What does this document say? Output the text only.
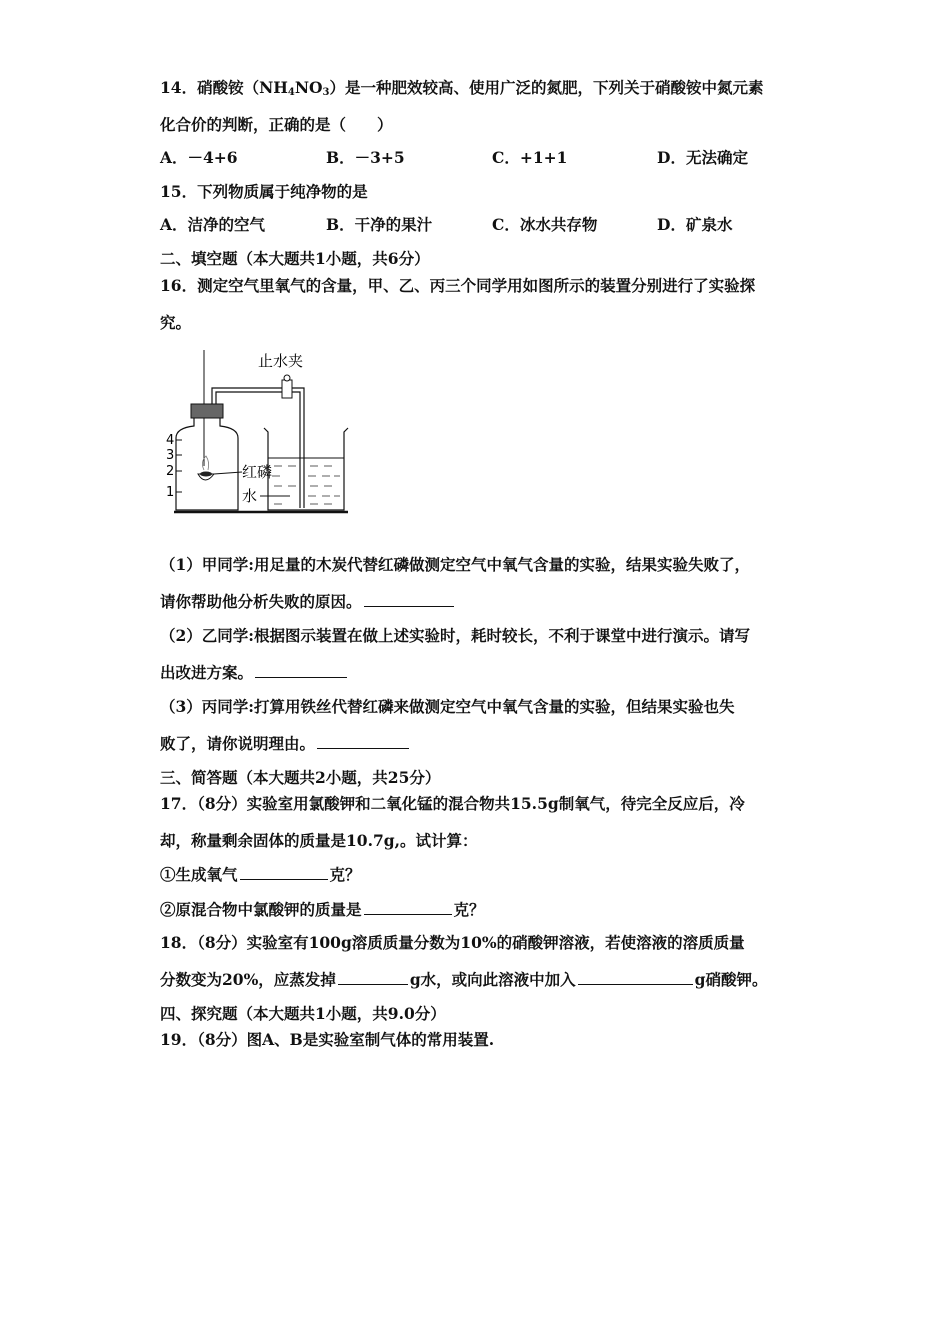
14．硝酸铵$(NH_4NO_3)$是一种肥效较高、使用广泛的氮肥，下列关于硝酸铵中氮元素
化合价的判断，正确的是（　　）
A．－4+6	B．－3+5	C．+1+1	D．无法确定
15．下列物质属于纯净物的是
A．洁净的空气	B．干净的果汁	C．冰水共存物	D．矿泉水
二、填空题（本大题共1小题，共6分）
16．测定空气里氧气的含量，甲、乙、丙三个同学用如图所示的装置分别进行了实验探
究。
止水夹
红磷
水
4
3
2
1
（1）甲同学:用足量的木炭代替红磷做测定空气中氧气含量的实验，结果实验失败了，
请你帮助他分析失败的原因。
（2）乙同学:根据图示装置在做上述实验时，耗时较长，不利于课堂中进行演示。请写
出改进方案。
（3）丙同学:打算用铁丝代替红磷来做测定空气中氧气含量的实验，但结果实验也失
败了，请你说明理由。
三、简答题（本大题共2小题，共25分）
17．（8分）实验室用氯酸钾和二氧化锰的混合物共15.5g制氧气，待完全反应后，冷
却，称量剩余固体的质量是10.7g,。试计算：
①生成氧气	克？
②原混合物中氯酸钾的质量是	克？
18．（8分）实验室有100g溶质质量分数为10%的硝酸钾溶液，若使溶液的溶质质量
分数变为20%，应蒸发掉	g水，或向此溶液中加入	g硝酸钾。
四、探究题（本大题共1小题，共9.0分）
19．（8分）图A、B是实验室制气体的常用装置.
